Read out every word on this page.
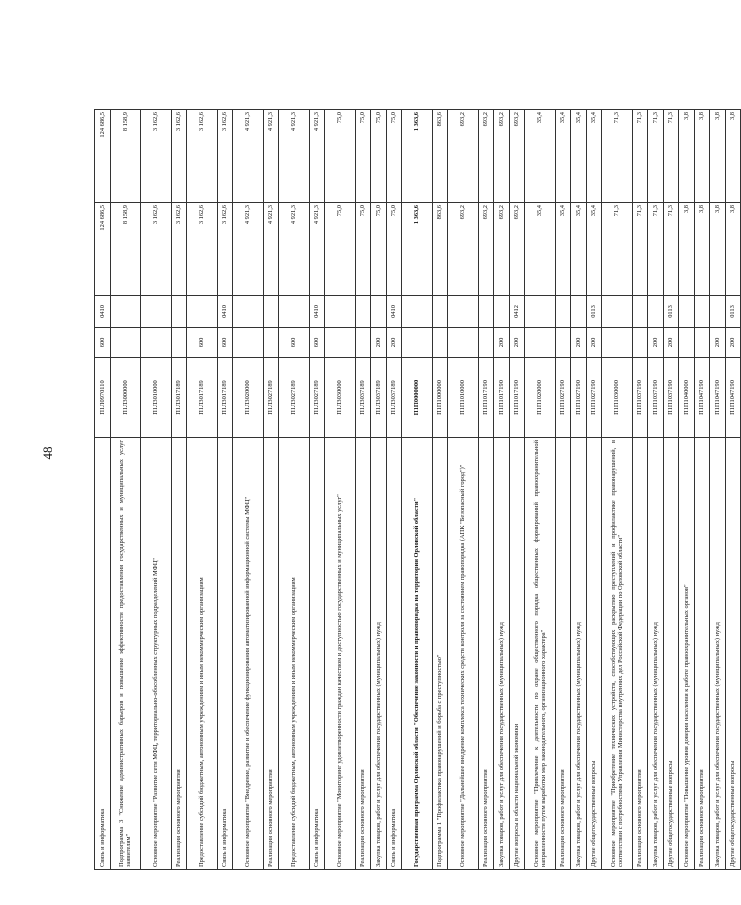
48
Связь и информатика	П1Л0970110	600	0410	124 686,5	124 686,5
Подпрограмма 3 "Снижение административных барьеров и повышение эффективности предоставления государственных и муниципальных услуг заявителям"	П1Л3000000			8 158,9	8 158,9
Основное мероприятие "Развитие сети МФЦ, территориально-обособленных структурных подразделений МФЦ"	П1Л3010000			3 162,6	3 162,6
Реализация основного мероприятия	П1Л3017189			3 162,6	3 162,6
Предоставление субсидий бюджетным, автономным учреждениям и иным некоммерческим организациям	П1Л3017189	600		3 162,6	3 162,6
Связь и информатика	П1Л3017189	600	0410	3 162,6	3 162,6
Основное мероприятие "Внедрение, развитие и обеспечение функционирования автоматизированной информационной системы МФЦ"	П1Л3020000			4 921,3	4 921,3
Реализация основного мероприятия	П1Л3027189			4 921,3	4 921,3
Предоставление субсидий бюджетным, автономным учреждениям и иным некоммерческим организациям	П1Л3027189	600		4 921,3	4 921,3
Связь и информатика	П1Л3027189	600	0410	4 921,3	4 921,3
Основное мероприятие "Мониторинг удовлетворенности граждан качеством и доступностью государственных и муниципальных услуг"	П1Л3030000			75,0	75,0
Реализация основного мероприятия	П1Л3037189			75,0	75,0
Закупка товаров, работ и услуг для обеспечения государственных (муниципальных) нужд	П1Л3037189	200		75,0	75,0
Связь и информатика	П1Л3037189	200	0410	75,0	75,0
Государственная программа Орловской области "Обеспечение законности и правопорядка на территории Орловской области"	П1П0000000			1 363,6	1 363,6
Подпрограмма 1 "Профилактика правонарушений и борьба с преступностью"	П1П1000000			863,6	863,6
Основное мероприятие "Дальнейшее внедрение комплекса технических средств контроля за состоянием правопорядка (АПК "Безопасный город")"	П1П1010000			693,2	693,2
Реализация основного мероприятия	П1П1017190			693,2	693,2
Закупка товаров, работ и услуг для обеспечения государственных (муниципальных) нужд	П1П1017190	200		693,2	693,2
Другие вопросы в области национальной экономики	П1П1017190	200	0412	693,2	693,2
Основное мероприятие "Привлечение к деятельности по охране общественного порядка общественных формирований правоохранительной направленности путем выработки мер законодательного, организационного характера"	П1П1020000			35,4	35,4
Реализация основного мероприятия	П1П1027190			35,4	35,4
Закупка товаров, работ и услуг для обеспечения государственных (муниципальных) нужд	П1П1027190	200		35,4	35,4
Другие общегосударственные вопросы	П1П1027190	200	0113	35,4	35,4
Основное мероприятие "Приобретение технических устройств, способствующих раскрытию преступлений и профилактике правонарушений, в соответствии с потребностями Управления Министерства внутренних дел Российской Федерации по Орловской области"	П1П1030000			71,3	71,3
Реализация основного мероприятия	П1П1037190			71,3	71,3
Закупка товаров, работ и услуг для обеспечения государственных (муниципальных) нужд	П1П1037190	200		71,3	71,3
Другие общегосударственные вопросы	П1П1037190	200	0113	71,3	71,3
Основное мероприятие "Повышение уровня доверия населения к работе правоохранительных органов"	П1П1040000			3,8	3,8
Реализация основного мероприятия	П1П1047190			3,8	3,8
Закупка товаров, работ и услуг для обеспечения государственных (муниципальных) нужд	П1П1047190	200		3,8	3,8
Другие общегосударственные вопросы	П1П1047190	200	0113	3,8	3,8
